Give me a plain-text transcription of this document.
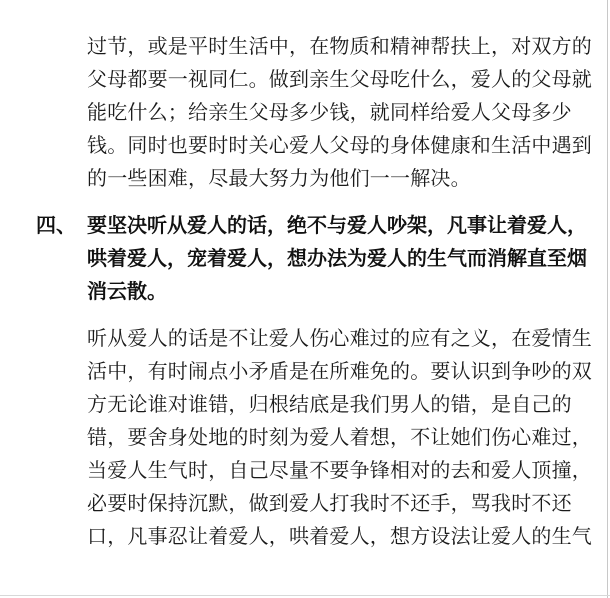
过节，或是平时生活中，在物质和精神帮扶上，对双方的
父母都要一视同仁。做到亲生父母吃什么，爱人的父母就
能吃什么；给亲生父母多少钱，就同样给爱人父母多少
钱。同时也要时时关心爱人父母的身体健康和生活中遇到
的一些困难，尽最大努力为他们一一解决。
四、 要坚决听从爱人的话，绝不与爱人吵架，凡事让着爱人，
哄着爱人，宠着爱人，想办法为爱人的生气而消解直至烟
消云散。
听从爱人的话是不让爱人伤心难过的应有之义，在爱情生
活中，有时闹点小矛盾是在所难免的。要认识到争吵的双
方无论谁对谁错，归根结底是我们男人的错，是自己的
错，要舍身处地的时刻为爱人着想，不让她们伤心难过，
当爱人生气时，自己尽量不要争锋相对的去和爱人顶撞，
必要时保持沉默，做到爱人打我时不还手，骂我时不还
口，凡事忍让着爱人，哄着爱人，想方设法让爱人的生气
